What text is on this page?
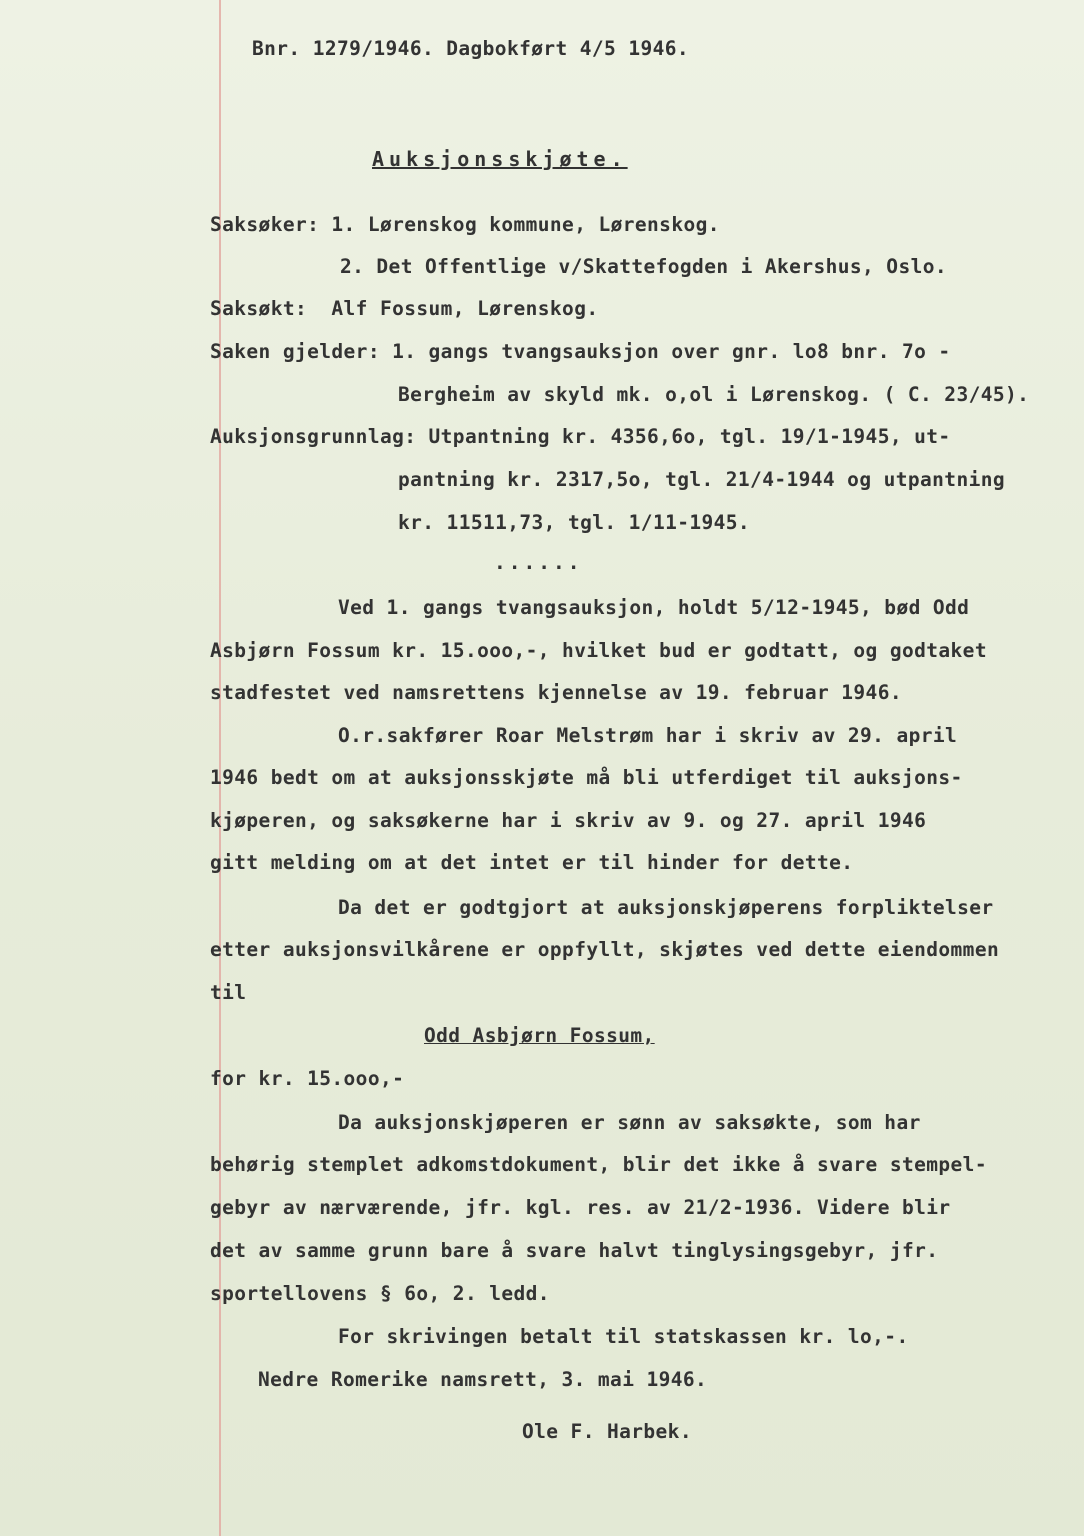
Bnr. 1279/1946. Dagbokført 4/5 1946.
Auksjonsskjøte.
Saksøker: 1. Lørenskog kommune, Lørenskog.
2. Det Offentlige v/Skattefogden i Akershus, Oslo.
Saksøkt:  Alf Fossum, Lørenskog.
Saken gjelder: 1. gangs tvangsauksjon over gnr. lo8 bnr. 7o -
Bergheim av skyld mk. o,ol i Lørenskog. ( C. 23/45).
Auksjonsgrunnlag: Utpantning kr. 4356,6o, tgl. 19/1-1945, ut-
pantning kr. 2317,5o, tgl. 21/4-1944 og utpantning
kr. 11511,73, tgl. 1/11-1945.
......
Ved 1. gangs tvangsauksjon, holdt 5/12-1945, bød Odd
Asbjørn Fossum kr. 15.ooo,-, hvilket bud er godtatt, og godtaket
stadfestet ved namsrettens kjennelse av 19. februar 1946.
O.r.sakfører Roar Melstrøm har i skriv av 29. april
1946 bedt om at auksjonsskjøte må bli utferdiget til auksjons-
kjøperen, og saksøkerne har i skriv av 9. og 27. april 1946
gitt melding om at det intet er til hinder for dette.
Da det er godtgjort at auksjonskjøperens forpliktelser
etter auksjonsvilkårene er oppfyllt, skjøtes ved dette eiendommen
til
Odd Asbjørn Fossum,
for kr. 15.ooo,-
Da auksjonskjøperen er sønn av saksøkte, som har
behørig stemplet adkomstdokument, blir det ikke å svare stempel-
gebyr av nærværende, jfr. kgl. res. av 21/2-1936. Videre blir
det av samme grunn bare å svare halvt tinglysingsgebyr, jfr.
sportellovens § 6o, 2. ledd.
For skrivingen betalt til statskassen kr. lo,-.
Nedre Romerike namsrett, 3. mai 1946.
Ole F. Harbek.
